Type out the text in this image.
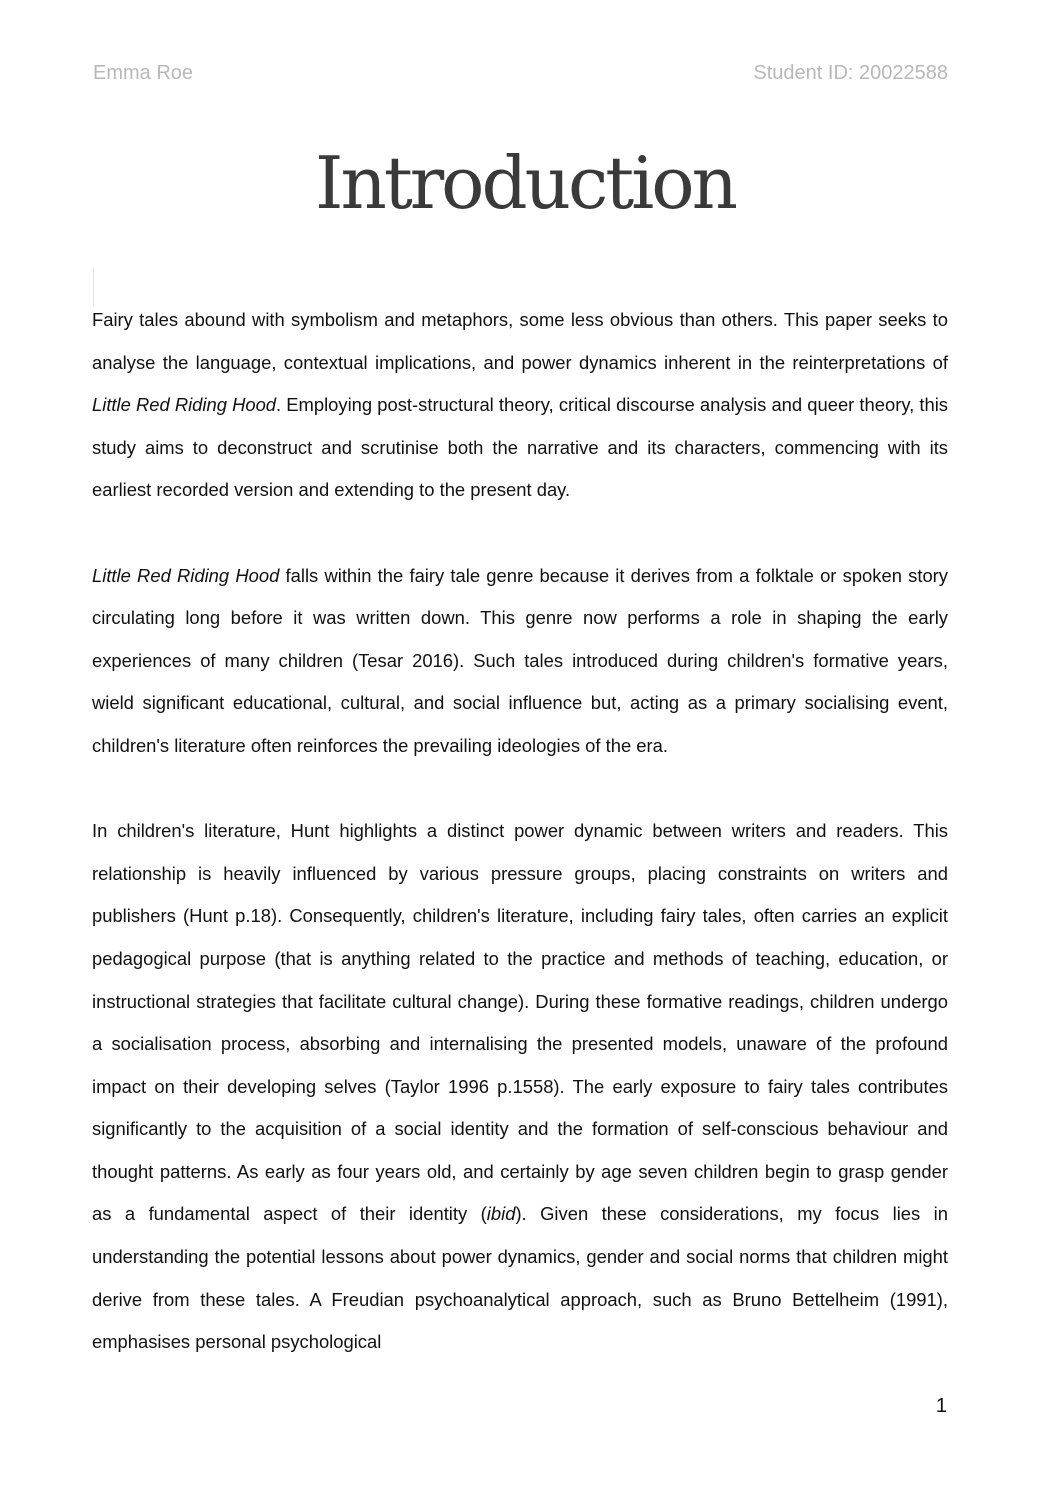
Emma Roe	Student ID: 20022588
Introduction

Fairy tales abound with symbolism and metaphors, some less obvious than others. This paper seeks to analyse the language, contextual implications, and power dynamics inherent in the reinterpretations of Little Red Riding Hood. Employing post-structural theory, critical discourse analysis and queer theory, this study aims to deconstruct and scrutinise both the narrative and its characters, commencing with its earliest recorded version and extending to the present day.

Little Red Riding Hood falls within the fairy tale genre because it derives from a folktale or spoken story circulating long before it was written down. This genre now performs a role in shaping the early experiences of many children (Tesar 2016). Such tales introduced during children's formative years, wield significant educational, cultural, and social influence but, acting as a primary socialising event, children's literature often reinforces the prevailing ideologies of the era.

In children's literature, Hunt highlights a distinct power dynamic between writers and readers. This relationship is heavily influenced by various pressure groups, placing constraints on writers and publishers (Hunt p.18). Consequently, children's literature, including fairy tales, often carries an explicit pedagogical purpose (that is anything related to the practice and methods of teaching, education, or instructional strategies that facilitate cultural change). During these formative readings, children undergo a socialisation process, absorbing and internalising the presented models, unaware of the profound impact on their developing selves (Taylor 1996 p.1558). The early exposure to fairy tales contributes significantly to the acquisition of a social identity and the formation of self-conscious behaviour and thought patterns. As early as four years old, and certainly by age seven children begin to grasp gender as a fundamental aspect of their identity (ibid). Given these considerations, my focus lies in understanding the potential lessons about power dynamics, gender and social norms that children might derive from these tales. A Freudian psychoanalytical approach, such as Bruno Bettelheim (1991), emphasises personal psychological

1
